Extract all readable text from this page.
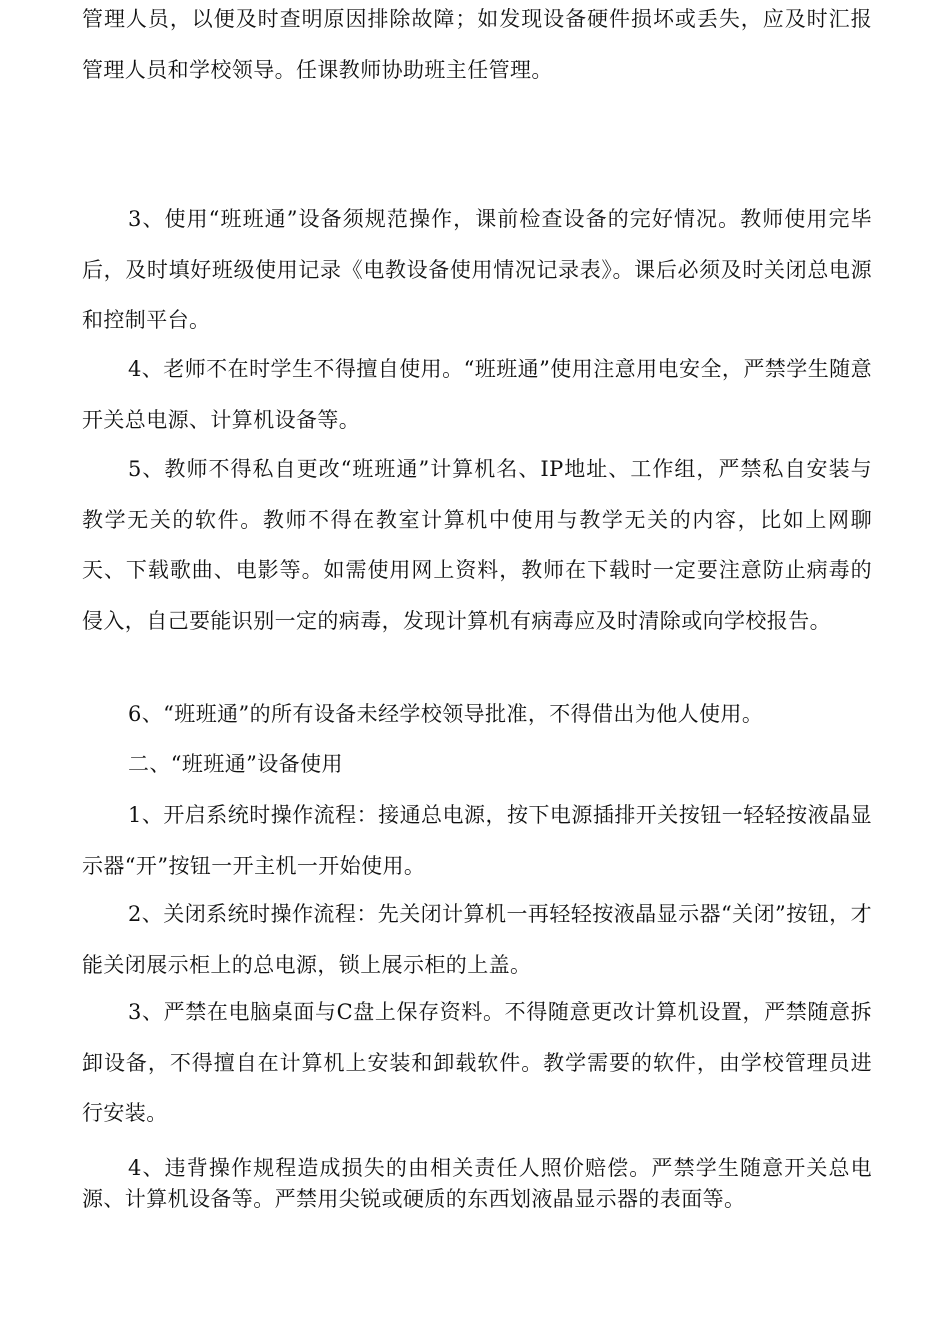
管理人员，以便及时查明原因排除故障；如发现设备硬件损坏或丢失，应及时汇报管理人员和学校领导。任课教师协助班主任管理。

3、使用“班班通”设备须规范操作，课前检查设备的完好情况。教师使用完毕后，及时填好班级使用记录《电教设备使用情况记录表》。课后必须及时关闭总电源和控制平台。

4、老师不在时学生不得擅自使用。“班班通”使用注意用电安全，严禁学生随意开关总电源、计算机设备等。

5、教师不得私自更改“班班通”计算机名、IP地址、工作组，严禁私自安装与教学无关的软件。教师不得在教室计算机中使用与教学无关的内容，比如上网聊天、下载歌曲、电影等。如需使用网上资料，教师在下载时一定要注意防止病毒的侵入，自己要能识别一定的病毒，发现计算机有病毒应及时清除或向学校报告。

6、“班班通”的所有设备未经学校领导批准，不得借出为他人使用。

二、“班班通”设备使用

1、开启系统时操作流程：接通总电源，按下电源插排开关按钮一轻轻按液晶显示器“开”按钮一开主机一开始使用。

2、关闭系统时操作流程：先关闭计算机一再轻轻按液晶显示器“关闭”按钮，才能关闭展示柜上的总电源，锁上展示柜的上盖。

3、严禁在电脑桌面与C盘上保存资料。不得随意更改计算机设置，严禁随意拆卸设备，不得擅自在计算机上安装和卸载软件。教学需要的软件，由学校管理员进行安装。

4、违背操作规程造成损失的由相关责任人照价赔偿。严禁学生随意开关总电源、计算机设备等。严禁用尖锐或硬质的东西划液晶显示器的表面等。
